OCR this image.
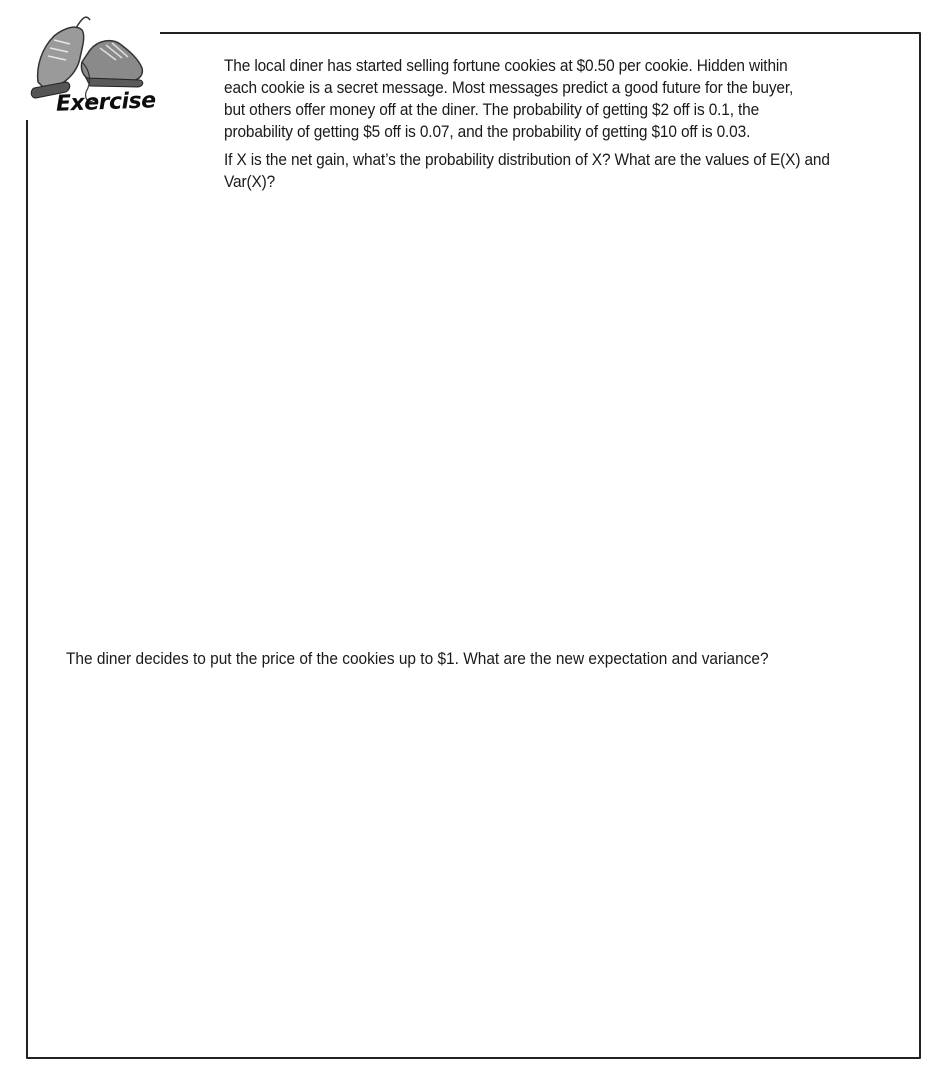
Exercise

The local diner has started selling fortune cookies at $0.50 per cookie. Hidden within each cookie is a secret message. Most messages predict a good future for the buyer, but others offer money off at the diner. The probability of getting $2 off is 0.1, the probability of getting $5 off is 0.07, and the probability of getting $10 off is 0.03.

If X is the net gain, what’s the probability distribution of X? What are the values of E(X) and Var(X)?

The diner decides to put the price of the cookies up to $1. What are the new expectation and variance?
